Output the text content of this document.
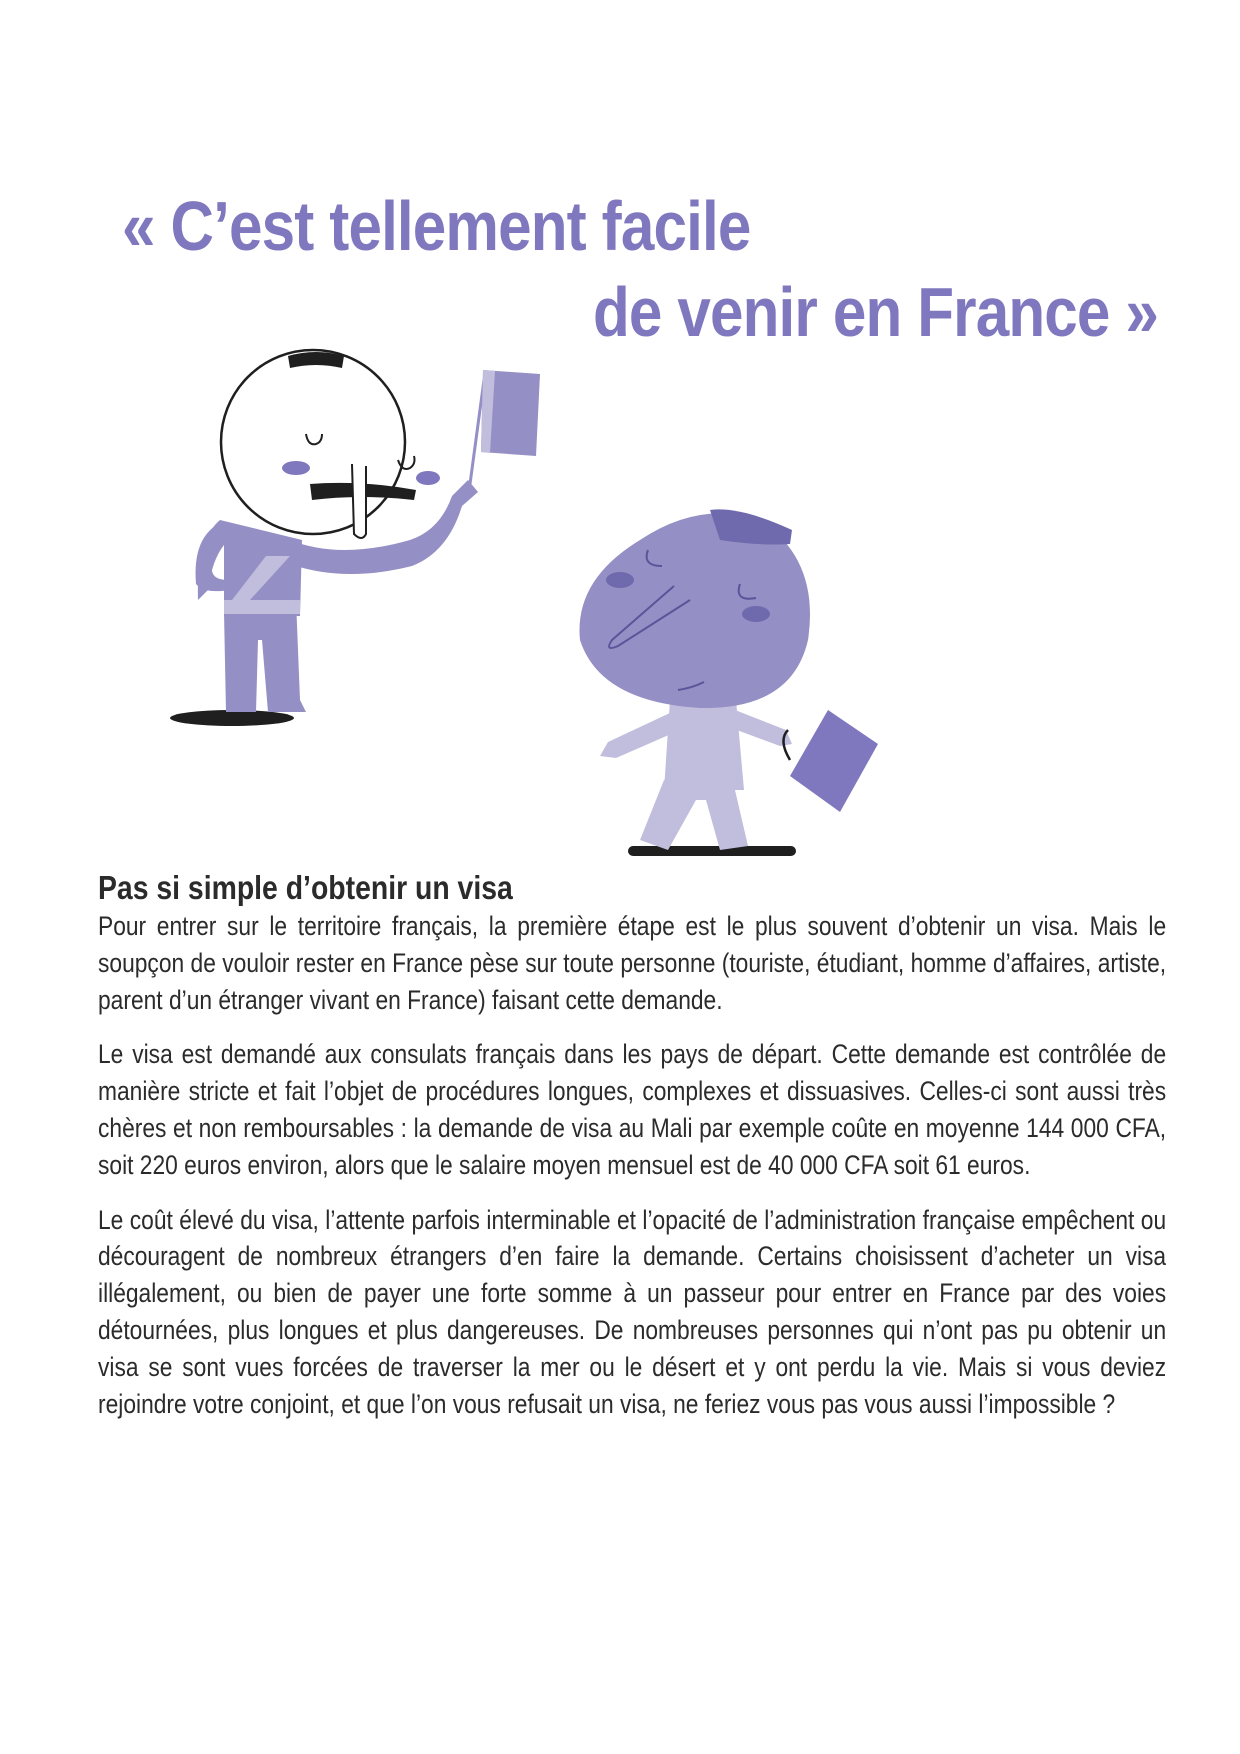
« C’est tellement facile
de venir en France »
Pas si simple d’obtenir un visa

Pour entrer sur le territoire français, la première étape est le plus souvent d’obtenir un visa. Mais le soupçon de vouloir rester en France pèse sur toute personne (touriste, étudiant, homme d’affaires, artiste, parent d’un étranger vivant en France) faisant cette demande.

Le visa est demandé aux consulats français dans les pays de départ. Cette demande est contrôlée de manière stricte et fait l’objet de procédures longues, complexes et dissuasives. Celles-ci sont aussi très chères et non remboursables : la demande de visa au Mali par exemple coûte en moyenne 144 000 CFA, soit 220 euros environ, alors que le salaire moyen mensuel est de 40 000 CFA soit 61 euros.

Le coût élevé du visa, l’attente parfois interminable et l’opacité de l’administration française empêchent ou découragent de nombreux étrangers d’en faire la demande. Certains choisissent d’acheter un visa illégalement, ou bien de payer une forte somme à un passeur pour entrer en France par des voies détournées, plus longues et plus dangereuses. De nombreuses personnes qui n’ont pas pu obtenir un visa se sont vues forcées de traverser la mer ou le désert et y ont perdu la vie. Mais si vous deviez rejoindre votre conjoint, et que l’on vous refusait un visa, ne feriez vous pas vous aussi l’impossible ?
